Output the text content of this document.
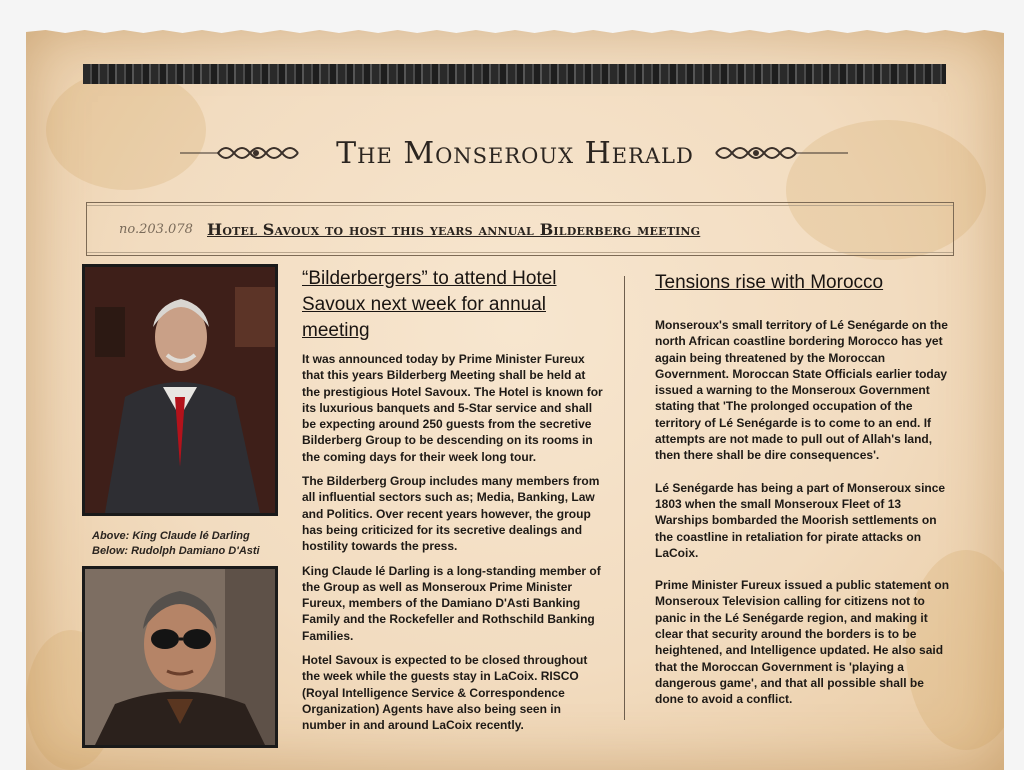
The Monseroux Herald
no.203.078 Hotel Savoux to host this years annual Bilderberg meeting
Above: King Claude lé Darling
Below: Rudolph Damiano D'Asti
“Bilderbergers” to attend Hotel Savoux next week for annual meeting

It was announced today by Prime Minister Fureux that this years Bilderberg Meeting shall be held at the prestigious Hotel Savoux. The Hotel is known for its luxurious banquets and 5-Star service and shall be expecting around 250 guests from the secretive Bilderberg Group to be descending on its rooms in the coming days for their week long tour.

The Bilderberg Group includes many members from all influential sectors such as; Media, Banking, Law and Politics. Over recent years however, the group has being criticized for its secretive dealings and hostility towards the press.

King Claude lé Darling is a long-standing member of the Group as well as Monseroux Prime Minister Fureux, members of the Damiano D'Asti Banking Family and the Rockefeller and Rothschild Banking Families.

Hotel Savoux is expected to be closed throughout the week while the guests stay in LaCoix. RISCO (Royal Intelligence Service & Correspondence Organization) Agents have also being seen in number in and around LaCoix recently.

Tensions rise with Morocco

Monseroux's small territory of Lé Senégarde on the north African coastline bordering Morocco has yet again being threatened by the Moroccan Government. Moroccan State Officials earlier today issued a warning to the Monseroux Government stating that 'The prolonged occupation of the territory of Lé Senégarde is to come to an end. If attempts are not made to pull out of Allah's land, then there shall be dire consequences'.

Lé Senégarde has being a part of Monseroux since 1803 when the small Monseroux Fleet of 13 Warships bombarded the Moorish settlements on the coastline in retaliation for pirate attacks on LaCoix.

Prime Minister Fureux issued a public statement on Monseroux Television calling for citizens not to panic in the Lé Senégarde region, and making it clear that security around the borders is to be heightened, and Intelligence updated. He also said that the Moroccan Government is 'playing a dangerous game', and that all possible shall be done to avoid a conflict.
